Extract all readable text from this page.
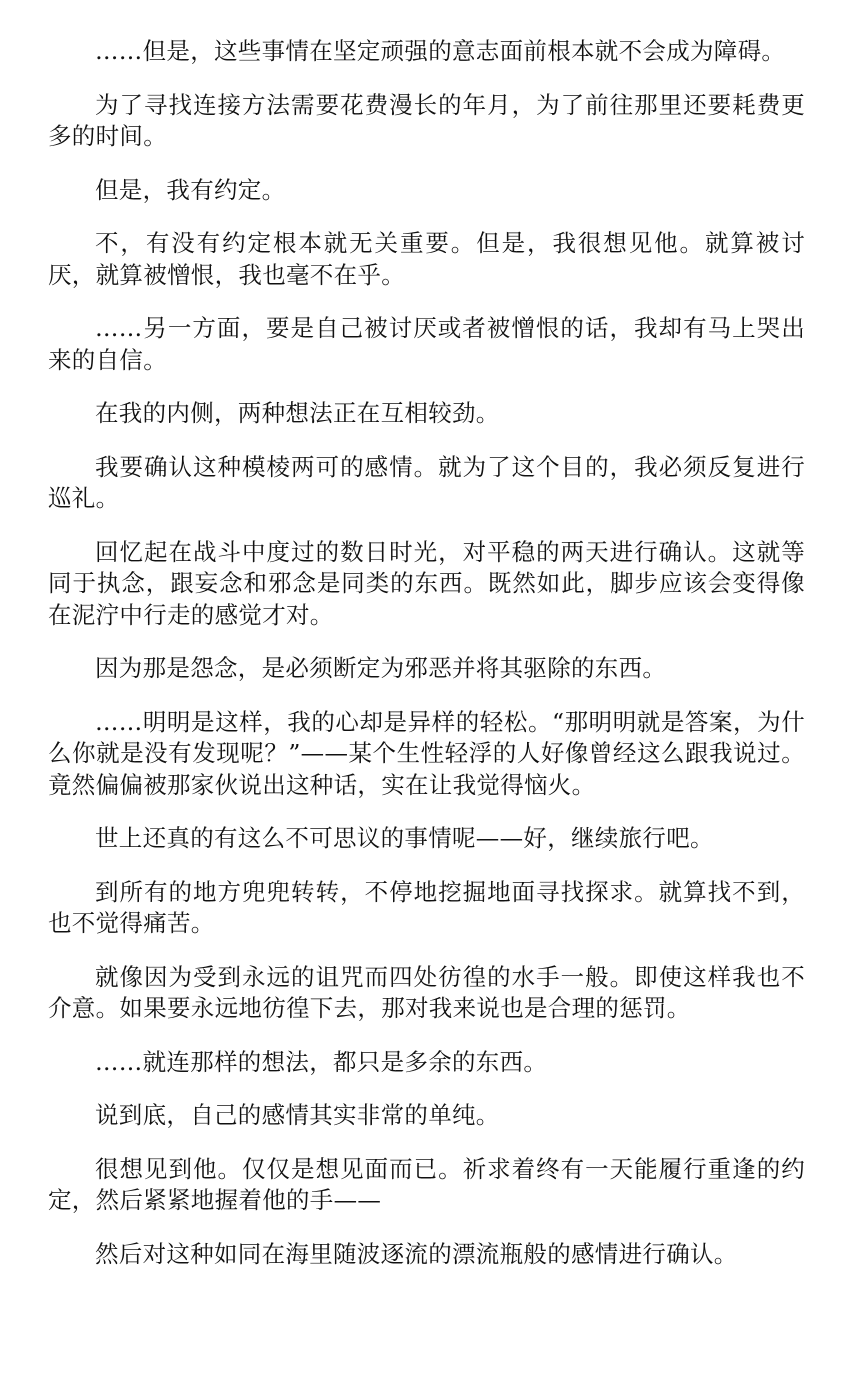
……但是，这些事情在坚定顽强的意志面前根本就不会成为障碍。

为了寻找连接方法需要花费漫长的年月，为了前往那里还要耗费更多的时间。

但是，我有约定。

不，有没有约定根本就无关重要。但是，我很想见他。就算被讨厌，就算被憎恨，我也毫不在乎。

……另一方面，要是自己被讨厌或者被憎恨的话，我却有马上哭出来的自信。

在我的内侧，两种想法正在互相较劲。

我要确认这种模棱两可的感情。就为了这个目的，我必须反复进行巡礼。

回忆起在战斗中度过的数日时光，对平稳的两天进行确认。这就等同于执念，跟妄念和邪念是同类的东西。既然如此，脚步应该会变得像在泥泞中行走的感觉才对。

因为那是怨念，是必须断定为邪恶并将其驱除的东西。

……明明是这样，我的心却是异样的轻松。“那明明就是答案，为什么你就是没有发现呢？”——某个生性轻浮的人好像曾经这么跟我说过。竟然偏偏被那家伙说出这种话，实在让我觉得恼火。

世上还真的有这么不可思议的事情呢——好，继续旅行吧。

到所有的地方兜兜转转，不停地挖掘地面寻找探求。就算找不到，也不觉得痛苦。

就像因为受到永远的诅咒而四处彷徨的水手一般。即使这样我也不介意。如果要永远地彷徨下去，那对我来说也是合理的惩罚。

……就连那样的想法，都只是多余的东西。

说到底，自己的感情其实非常的单纯。

很想见到他。仅仅是想见面而已。祈求着终有一天能履行重逢的约定，然后紧紧地握着他的手——

然后对这种如同在海里随波逐流的漂流瓶般的感情进行确认。
